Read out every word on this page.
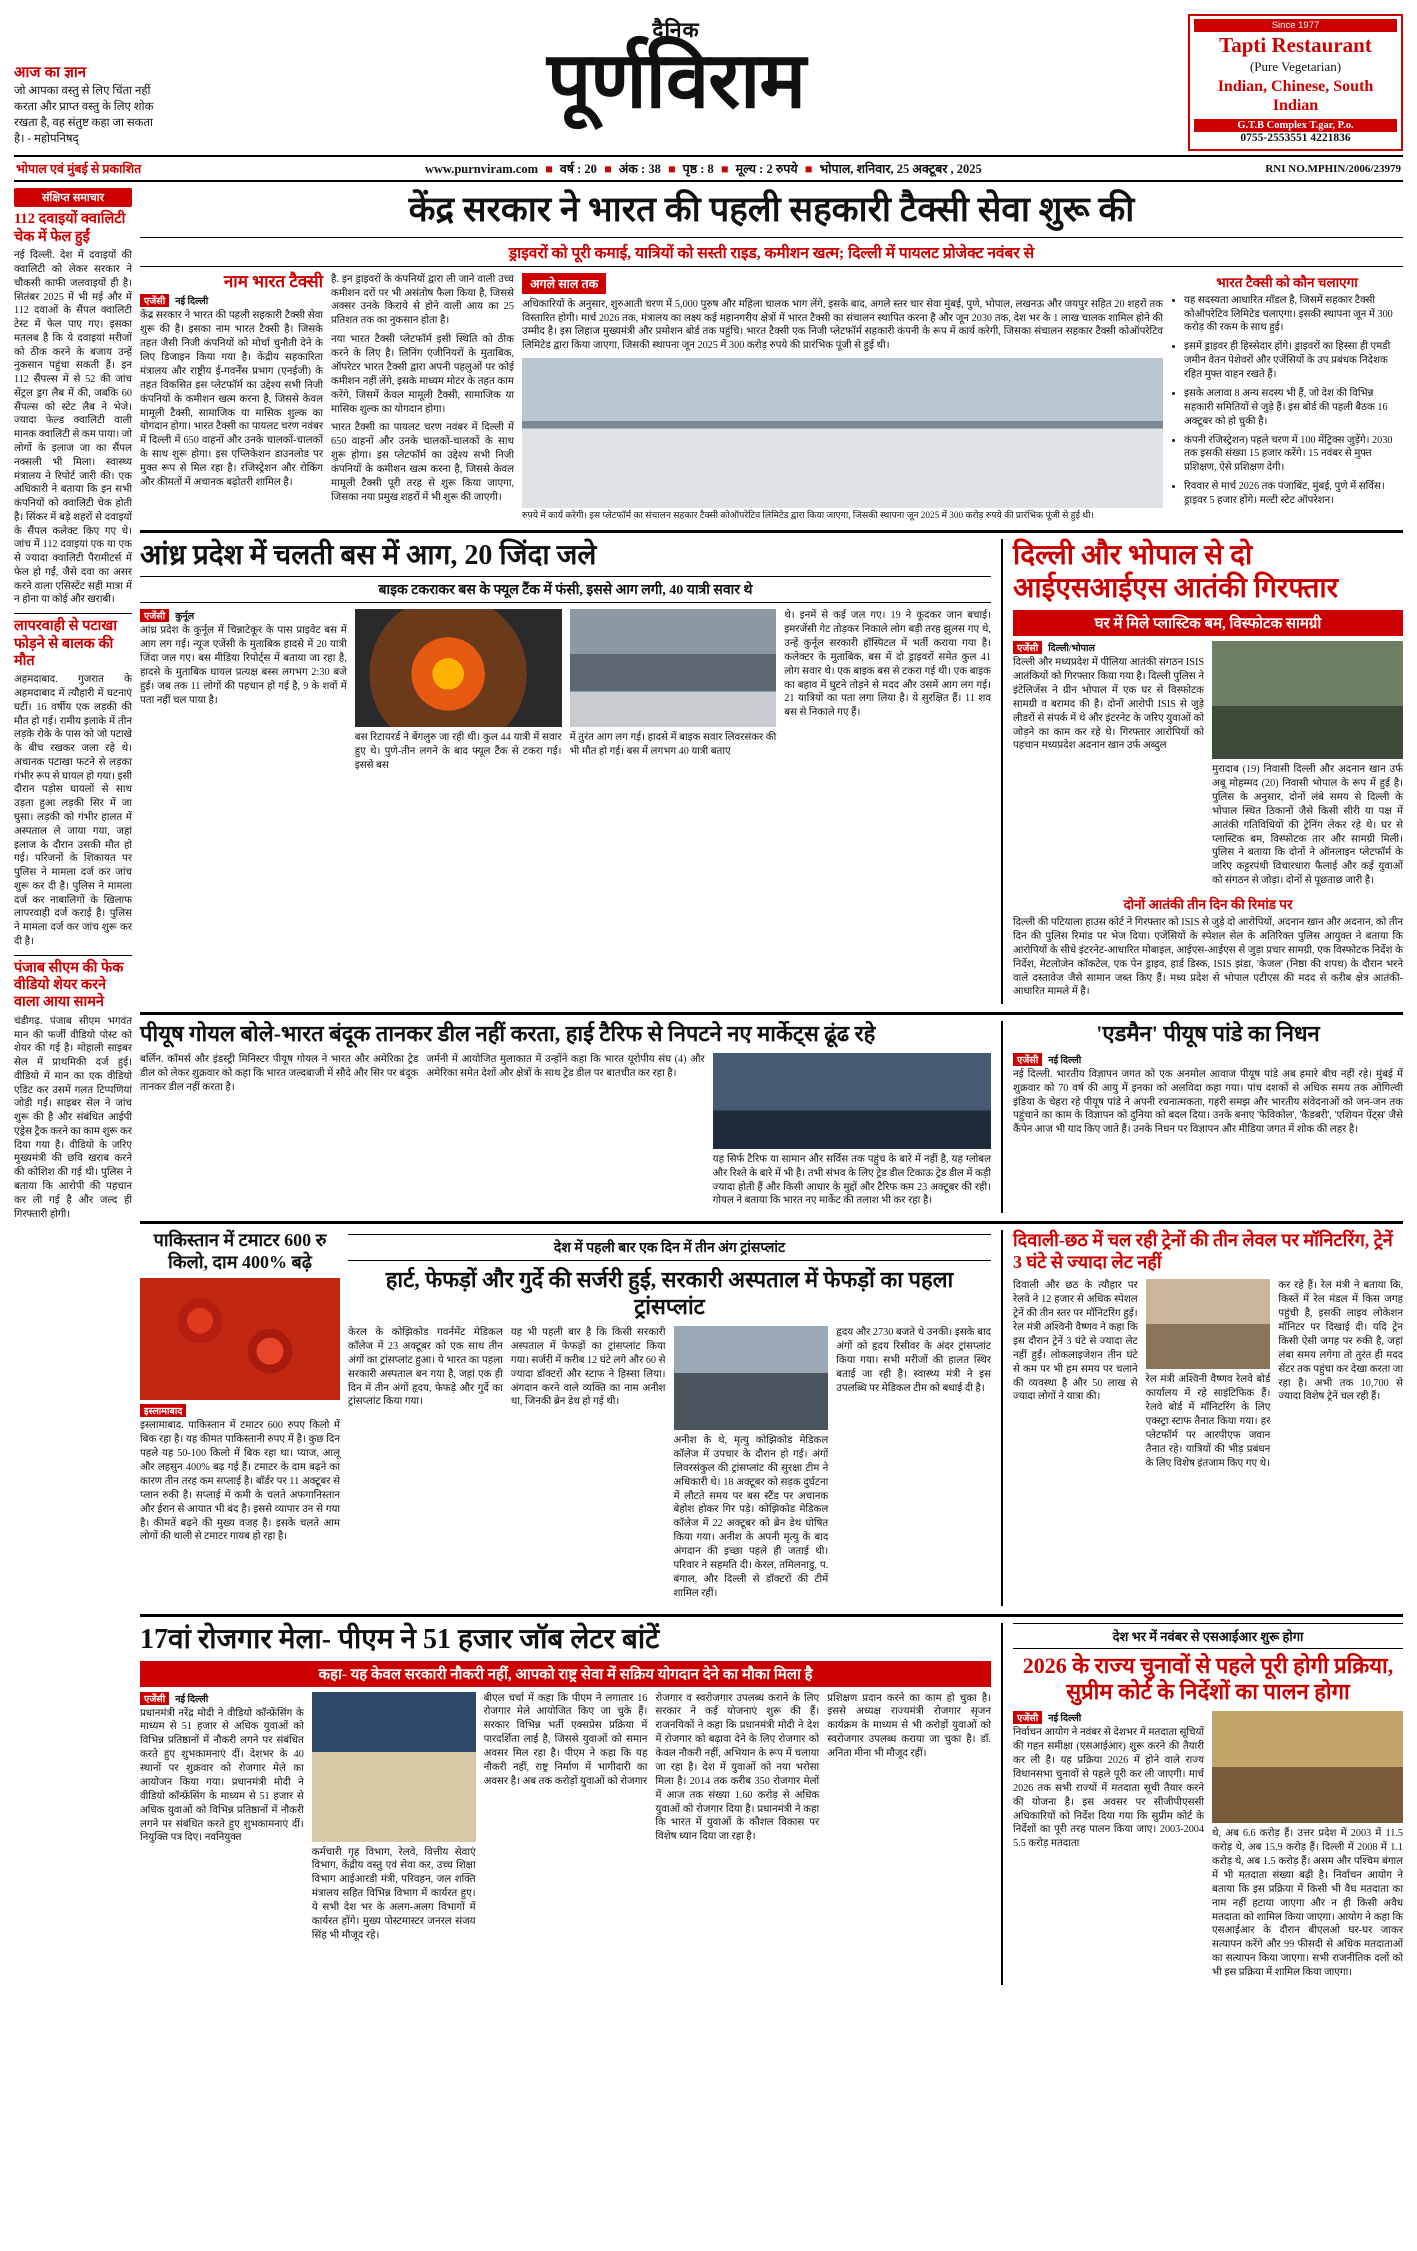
आज का ज्ञान
जो आपका वस्तु से लिए चिंता नहीं करता और प्राप्त वस्तु के लिए शोक रखता है, वह संतुष्ट कहा जा सकता है। - महोपनिषद्
दैनिक
पूर्णविराम
Since 1977
Tapti Restaurant
(Pure Vegetarian)
Indian, Chinese, South Indian
G.T.B Complex T.gar, P.o.
0755-2553551 4221836
भोपाल एवं मुंबई से प्रकाशित	www.purnviram.com ■ वर्ष : 20 ■ अंक : 38 ■ पृष्ठ : 8 ■ मूल्य : 2 रुपये ■ भोपाल, शनिवार, 25 अक्टूबर , 2025	RNI NO.MPHIN/2006/23979
संक्षिप्त समाचार
112 दवाइयों क्वालिटी चेक में फेल हुईं
नई दिल्ली. देश में दवाइयों की क्वालिटी को लेकर सरकार ने चौकसी काफी जलवाइयों ही है। सितंबर 2025 में भी मई और में 112 दवाओं के सैंपल क्वालिटी टेस्ट में फेल पाए गए। इसका मतलब है कि ये दवाइयां मरीजों को ठीक करने के बजाय उन्हें नुकसान पहुंचा सकती हैं। इन 112 सैंपल्स में से 52 की जांच सेंट्रल ड्रग लैब में की, जबकि 60 सैंपल्स को स्टेट लैब ने भेजे। ज्यादा फेल्ड क्वालिटी वाली मानक क्वालिटी से कम पाया। जो लोगों के इलाज जा का सैंपल नक्सली भी मिला। स्वास्थ्य मंत्रालय ने रिपोर्ट जारी की। एक अधिकारी ने बताया कि इन सभी कंपनियों को क्वालिटी चेक होती है। सिंकर में बड़े शहरों से दवाइयों के सैंपल कलेक्ट किए गए थे। जांच में 112 दवाइयां एक या एक से ज्यादा क्वालिटी पैरामीटर्स में फेल हो गईं, जैसे दवा का असर करने वाला एसिस्टेंट सही मात्रा में न होना या कोई और खराबी।
लापरवाही से पटाखा फोड़ने से बालक की मौत
अहमदाबाद. गुजरात के अहमदाबाद में त्यौहारी में घटनाएं घटीं। 16 वर्षीय एक लड़की की मौत हो गई। रामीय इलाके में तीन लड़के रोके के पास को जो पटाखे के बीच रखकर जला रहे थे। अचानक पटाखा फटने से लड़का गंभीर रूप से घायल हो गया। इसी दौरान पड़ोस घायलों से साथ उड़ता हुआ लड़की सिर में जा घुसा। लड़की को गंभीर हालत में अस्पताल ले जाया गया, जहां इलाज के दौरान उसकी मौत हो गई। परिजनों के शिकायत पर पुलिस ने मामला दर्ज कर जांच शुरू कर दी है। पुलिस ने मामला दर्ज कर नाबालिगों के खिलाफ लापरवाही दर्ज कराई है। पुलिस ने मामला दर्ज कर जांच शुरू कर दी है।
पंजाब सीएम की फेक वीडियो शेयर करने वाला आया सामने
चंडीगढ़. पंजाब सीएम भगवंत मान की फर्जी वीडियो पोस्ट को शेयर की गई है। मोहाली साइबर सेल में प्राथमिकी दर्ज हुई। वीडियो में मान का एक वीडियो एडिट कर उसमें गलत टिप्पणियां जोड़ी गईं। साइबर सेल ने जांच शुरू की है और संबंधित आईपी एड्रेस ट्रैक करने का काम शुरू कर दिया गया है। वीडियो के जरिए मुख्यमंत्री की छवि खराब करने की कोशिश की गई थी। पुलिस ने बताया कि आरोपी की पहचान कर ली गई है और जल्द ही गिरफ्तारी होगी।
केंद्र सरकार ने भारत की पहली सहकारी टैक्सी सेवा शुरू की
ड्राइवरों को पूरी कमाई, यात्रियों को सस्ती राइड, कमीशन खत्म; दिल्ली में पायलट प्रोजेक्ट नवंबर से
नाम भारत टैक्सी
एजेंसी	नई दिल्ली

केंद्र सरकार ने भारत की पहली सहकारी टैक्सी सेवा शुरू की है। इसका नाम भारत टैक्सी है। जिसके तहत जैसी निजी कंपनियों को मोर्चा चुनौती देने के लिए डिजाइन किया गया है। केंद्रीय सहकारिता मंत्रालय और राष्ट्रीय ई-गवर्नेंस प्रभाग (एनईजी) के तहत विकसित इस प्लेटफॉर्म का उद्देश्य सभी निजी कंपनियों के कमीशन खत्म करना है, जिससे केवल मामूली टैक्सी, सामाजिक या मासिक शुल्क का योगदान होगा। भारत टैक्सी का पायलट चरण नवंबर में दिल्ली में 650 वाहनों और उनके चालकों-चालकों के साथ शुरू होगा। इस एप्लिकेशन डाउनलोड पर मुक्त रूप से मिल रहा है। रजिस्ट्रेशन और रोकिंग और कीमतों में अचानक बढ़ोतरी शामिल है।

है. इन ड्राइवरों के कंपनियों द्वारा ली जाने वाली उच्च कमीशन दरों पर भी असंतोष फैला किया है, जिससे अक्सर उनके किराये से होने वाली आय का 25 प्रतिशत तक का नुकसान होता है।

नया भारत टैक्सी प्लेटफॉर्म इसी स्थिति को ठीक करने के लिए है। लिनिंग एंजीनियरों के मुताबिक, ऑपरेटर भारत टैक्सी द्वारा अपनी पहलुओं पर कोई कमीशन नहीं लेंगे, इसके माध्यम मोटर के तहत काम करेंगे, जिसमें केवल मामूली टैक्सी, सामाजिक या मासिक शुल्क का योगदान होगा।

भारत टैक्सी का पायलट चरण नवंबर में दिल्ली में 650 वाहनों और उनके चालकों-चालकों के साथ शुरू होगा। इस प्लेटफॉर्म का उद्देश्य सभी निजी कंपनियों के कमीशन खत्म करना है, जिससे केवल मामूली टैक्सी पूरी तरह से शुरू किया जाएगा, जिसका नया प्रमुख शहरों में भी शुरू की जाएगी।

अगले साल तक

अधिकारियों के अनुसार, शुरुआती चरण में 5,000 पुरुष और महिला चालक भाग लेंगे, इसके बाद, अगले स्तर चार सेवा मुंबई, पुणे, भोपाल, लखनऊ और जयपुर सहित 20 शहरों तक विस्तारित होगी। मार्च 2026 तक, मंत्रालय का लक्ष्य कई महानगरीय क्षेत्रों में भारत टैक्सी का संचालन स्थापित करना है और जून 2030 तक, देश भर के 1 लाख चालक शामिल होने की उम्मीद है। इस लिहाज मुख्यमंत्री और प्रमोशन बोर्ड तक पहुंचि। भारत टैक्सी एक निजी प्लेटफॉर्म सहकारी कंपनी के रूप में कार्य करेगी, जिसका संचालन सहकार टैक्सी कोऑपरेटिव लिमिटेड द्वारा किया जाएगा, जिसकी स्थापना जून 2025 में 300 करोड़ रुपये की प्रारंभिक पूंजी से हुई थी।

रुपये में कार्य करेगी। इस प्लेटफॉर्म का संचालन सहकार टैक्सी कोऑपरेटिव लिमिटेड द्वारा किया जाएगा, जिसकी स्थापना जून 2025 में 300 करोड़ रुपये की प्रारंभिक पूंजी से हुई थी।
भारत टैक्सी को कौन चलाएगा
• यह सदस्यता आधारित मॉडल है, जिसमें सहकार टैक्सी कोऑपरेटिव लिमिटेड चलाएगा। इसकी स्थापना जून में 300 करोड़ की रकम के साथ हुई।
• इसमें ड्राइवर ही हिस्सेदार होंगे। ड्राइवरों का हिस्सा ही एमडी जमीन वेतन पेशेवरों और एजेंसियों के उप प्रबंधक निदेशक रहित मुफ्त वाहन रखते हैं।
• इसके अलावा 8 अन्य सदस्य भी हैं, जो देश की विभिन्न सहकारी समितियों से जुड़े हैं। इस बोर्ड की पहली बैठक 16 अक्टूबर को हो चुकी है।
• कंपनी रजिस्ट्रेशन) पहले चरण में 100 मेंट्रिक्स जुड़ेंगे। 2030 तक इसकी संख्या 15 हजार करेंगे। 15 नवंबर से मुफ्त प्रशिक्षण, ऐसे प्रशिक्षण देगी।
• रिववार से मार्च 2026 तक पंजाबिंट, मुंबई, पुणे में सर्विस। ड्राइवर 5 हजार होंगे। मल्टी स्टेट ऑपरेशन।
आंध्र प्रदेश में चलती बस में आग, 20 जिंदा जले
बाइक टकराकर बस के फ्यूल टैंक में फंसी, इससे आग लगी, 40 यात्री सवार थे
एजेंसी	कुर्नूल

आंध्र प्रदेश के कुर्नूल में चिन्नाटेकूर के पास प्राइवेट बस में आग लग गई। न्यूज एजेंसी के मुताबिक हादसे में 20 यात्री जिंदा जल गए। बस मीडिया रिपोर्ट्स में बताया जा रहा है, हादसे के मुताबिक घायल प्रत्यक्ष बस्स लगभग 2:30 बजे हुई। जब तक 11 लोगों की पहचान हो गई है, 9 के शवों में पता नहीं चल पाया है।

बस रिटायरर्ड ने बेंगलुरु जा रही थी। कुल 44 यात्री में सवार हुए थे। पुणे-तीन लगने के बाद फ्यूल टैंक से टकरा गई। इससे बस

में तुरंत आग लग गई। हादसे में बाइक सवार लिवरसंकर की भी मौत हो गई। बस में लगभग 40 यात्री बताए

थे। इनमें से कई जल गए। 19 ने कूदकर जान बचाई। इमरजेंसी गेट तोड़कर निकाले लोग बड़ी तरह झुलस गए थे, उन्हें कुर्नूल सरकारी हॉस्पिटल में भर्ती कराया गया है। कलेक्टर के मुताबिक, बस में दो ड्राइवरों समेत कुल 41 लोग सवार थे। एक बाइक बस से टकरा गई थी। एक बाइक का बहाव में घुटने तोड़ने से मदद और उसमें आग लग गई। 21 यात्रियों का पता लगा लिया है। ये सुरक्षित हैं। 11 शव बस से निकाले गए हैं।

दिल्ली और भोपाल से दो आईएसआईएस आतंकी गिरफ्तार
घर में मिले प्लास्टिक बम, विस्फोटक सामग्री
एजेंसी	दिल्ली/भोपाल

दिल्ली और मध्यप्रदेश में पीलिया आतंकी संगठन ISIS आतंकियों को गिरफ्तार किया गया है। दिल्ली पुलिस ने इंटेलिजेंस ने ग्रीन भोपाल में एक घर से विस्फोटक सामग्री व बरामद की है। दोनों आरोपी ISIS से जुड़े लीडरों से संपर्क में थे और इंटरनेट के जरिए युवाओं को जोड़ने का काम कर रहे थे। गिरफ्तार आरोपियों को पहचान मध्यप्रदेश अदनान खान उर्फ अब्दुल

मुरादाब (19) निवासी दिल्ली और अदनान खान उर्फ अबू मोहम्मद (20) निवासी भोपाल के रूप में हुई है। पुलिस के अनुसार, दोनों लंबे समय से दिल्ली के भोपाल स्थित ठिकानों जैसे किसी सीरी या पक्ष में आतंकी गतिविधियों की ट्रेनिंग लेकर रहे थे। घर से प्लास्टिक बम, विस्फोटक तार और सामग्री मिली। पुलिस ने बताया कि दोनों ने ऑनलाइन प्लेटफॉर्म के जरिए कट्टरपंथी विचारधारा फैलाई और कई युवाओं को संगठन से जोड़ा। दोनों से पूछताछ जारी है।

दोनों आतंकी तीन दिन की रिमांड पर

दिल्ली की पटियाला हाउस कोर्ट ने गिरफ्तार को ISIS से जुड़े दो आरोपियों, अदनान खान और अदनान, को तीन दिन की पुलिस रिमांड पर भेज दिया। एजेंसियों के स्पेशल सेल के अतिरिक्त पुलिस आयुक्त ने बताया कि आरोपियों के सीधे इंटरनेट-आधारित मोबाइल, आईएस-आईएस से जुड़ा प्रचार सामग्री, एक विस्फोटक निर्देश के निर्देश, मेटलोजेन कॉकटेल, एक पेन ड्राइव, हार्ड डिस्क, ISIS झंडा, 'केजल' (निष्ठा की शपथ) के दौरान भरने वाले दस्तावेज जैसे सामान जब्त किए हैं। मध्य प्रदेश से भोपाल एटीएस की मदद से करीब क्षेत्र आतंकी-आधारित मामले में है।

पीयूष गोयल बोले-भारत बंदूक तानकर डील नहीं करता, हाई टैरिफ से निपटने नए मार्केट्स ढूंढ रहे

बर्लिन. कॉमर्स और इंडस्ट्री मिनिस्टर पीयूष गोयल ने भारत और अमेरिका ट्रेड डील को लेकर शुक्रवार को कहा कि भारत जल्दबाजी में सौदे और सिर पर बंदूक तानकर डील नहीं करता है।

जर्मनी में आयोजित मुलाकात में उन्होंने कहा कि भारत यूरोपीय संघ (4) और अमेरिका समेत देशों और क्षेत्रों के साथ ट्रेड डील पर बातचीत कर रहा है।

यह सिर्फ टैरिफ या सामान और सर्विस तक पहुंच के बारे में नहीं है, यह ग्लोबल और रिश्ते के बारे में भी है। तभी संभव के लिए ट्रेड डील टिकाऊ ट्रेड डील में कड़ी ज्यादा होती हैं और किसी आधार के मुद्दों और टैरिफ कम 23 अक्टूबर की रही। गोयल ने बताया कि भारत नए मार्केट की तलाश भी कर रहा है।

'एडमैन' पीयूष पांडे का निधन
एजेंसी	नई दिल्ली

नई दिल्ली. भारतीय विज्ञापन जगत को एक अनमोल आवाज पीयूष पांडे अब हमारे बीच नहीं रहे। मुंबई में शुक्रवार को 70 वर्ष की आयु में इनका को अलविदा कहा गया। पांच दशकों से अधिक समय तक ओगिल्वी इंडिया के चेहरा रहे पीयूष पांडे ने अपनी रचनात्मकता, गहरी समझ और भारतीय संवेदनाओं को जन-जन तक पहुंचाने का काम के विज्ञापन को दुनिया को बदल दिया। उनके बनाए 'फेविकोल', 'कैडबरी', 'एशियन पेंट्स' जैसे कैंपेन आज भी याद किए जाते हैं। उनके निधन पर विज्ञापन और मीडिया जगत में शोक की लहर है।

पाकिस्तान में टमाटर 600 रु किलो, दाम 400% बढ़े
इस्लामाबाद

इस्लामाबाद. पाकिस्तान में टमाटर 600 रुपए किलो में बिक रहा है। यह कीमत पाकिस्तानी रुपए में है। कुछ दिन पहले यह 50-100 किलो में बिक रहा था। प्याज, आलू और लहसुन 400% बढ़ गई हैं। टमाटर के दाम बढ़ने का कारण तीन तरह कम सप्लाई है। बॉर्डर पर 11 अक्टूबर से प्लान रुकी है। सप्लाई में कमी के चलते अफगानिस्तान और ईरान से आयात भी बंद है। इससे व्यापार उन से गया है। कीमतें बढ़ने की मुख्य वजह है। इसके चलते आम लोगों की थाली से टमाटर गायब हो रहा है।

देश में पहली बार एक दिन में तीन अंग ट्रांसप्लांट
हार्ट, फेफड़ों और गुर्दे की सर्जरी हुई, सरकारी अस्पताल में फेफड़ों का पहला ट्रांसप्लांट

केरल के कोझिकोड गवर्नमेंट मेडिकल कॉलेज में 23 अक्टूबर को एक साथ तीन अंगों का ट्रांसप्लांट हुआ। ये भारत का पहला सरकारी अस्पताल बन गया है, जहां एक ही दिन में तीन अंगों हृदय, फेफड़े और गुर्दे का ट्रांसप्लांट किया गया।

यह भी पहली बार है कि किसी सरकारी अस्पताल में फेफड़ों का ट्रांसप्लांट किया गया। सर्जरी में करीब 12 घंटे लगे और 60 से ज्यादा डॉक्टरों और स्टाफ ने हिस्सा लिया। अंगदान करने वाले व्यक्ति का नाम अनीश था, जिनकी ब्रेन डेथ हो गई थी।

अनीश के थे, मृत्यु कोझिकोड मेडिकल कॉलेज में उपचार के दौरान हो गई। अंगों लिवरसंकुल की ट्रांसप्लांट की सुरक्षा टीम ने अधिकारी थे। 18 अक्टूबर को सड़क दुर्घटना में लौटते समय पर बस स्टैंड पर अचानक बेहोश होकर गिर पड़े। कोझिकोड मेडिकल कॉलेज में 22 अक्टूबर को ब्रेन डेथ घोषित किया गया। अनीश के अपनी मृत्यु के बाद अंगदान की इच्छा पहले ही जताई थी। परिवार ने सहमति दी। केरल, तमिलनाडु, प. बंगाल, और दिल्ली से डॉक्टरों की टीमें शामिल रहीं।

हृदय और 2730 बजते थे उनकी। इसके बाद अंगों को हृदय रिसीवर के अंदर ट्रांसप्लांट किया गया। सभी मरीजों की हालत स्थिर बताई जा रही है। स्वास्थ्य मंत्री ने इस उपलब्धि पर मेडिकल टीम को बधाई दी है।

दिवाली-छठ में चल रही ट्रेनों की तीन लेवल पर मॉनिटरिंग, ट्रेनें 3 घंटे से ज्यादा लेट नहीं

दिवाली और छठ के त्यौहार पर रेलवे ने 12 हजार से अधिक स्पेशल ट्रेनें की तीन स्तर पर मॉनिटरिंग हुई। रेल मंत्री अश्विनी वैष्णव ने कहा कि इस दौरान ट्रेनें 3 घंटे से ज्यादा लेट नहीं हुईं। लोकलाइजेशन तीन घंटे से कम पर भी हम समय पर चलाने की व्यवस्था है और 50 लाख से ज्यादा लोगों ने यात्रा की।

रेल मंत्री अश्विनी वैष्णव रेलवे बोर्ड कार्यालय में रहे साइंटिफिक हैं। रेलवे बोर्ड में मॉनिटरिंग के लिए एक्स्ट्रा स्टाफ तैनात किया गया। हर प्लेटफॉर्म पर आरपीएफ जवान तैनात रहे। यात्रियों की भीड़ प्रबंधन के लिए विशेष इंतजाम किए गए थे।

कर रहे हैं। रेल मंत्री ने बताया कि, किस्तें में रेल मंडल में किस जगह पहुंची है, इसकी लाइव लोकेशन मॉनिटर पर दिखाई दी। यदि ट्रेन किसी ऐसी जगह पर रुकी है, जहां लंबा समय लगेगा तो तुरंत ही मदद सेंटर तक पहुंचा कर देखा करता जा रहा है। अभी तक 10,700 से ज्यादा विशेष ट्रेनें चल रही हैं।

17वां रोजगार मेला- पीएम ने 51 हजार जॉब लेटर बांटें
कहा- यह केवल सरकारी नौकरी नहीं, आपको राष्ट्र सेवा में सक्रिय योगदान देने का मौका मिला है
एजेंसी	नई दिल्ली

प्रधानमंत्री नरेंद्र मोदी ने वीडियो कॉन्फ्रेंसिंग के माध्यम से 51 हजार से अधिक युवाओं को विभिन्न प्रतिष्ठानों में नौकरी लगने पर संबंधित करते हुए शुभकामनाएं दीं। देशभर के 40 स्थानों पर शुक्रवार को रोजगार मेले का आयोजन किया गया। प्रधानमंत्री मोदी ने वीडियो कॉन्फ्रेंसिंग के माध्यम से 51 हजार से अधिक युवाओं को विभिन्न प्रतिष्ठानों में नौकरी लगने पर संबंधित करते हुए शुभकामनाएं दीं। नियुक्ति पत्र दिए। नवनियुक्त

कर्मचारी गृह विभाग, रेलवे, वित्तीय सेवाएं विभाग, केंद्रीय वस्तु एवं सेवा कर, उच्च शिक्षा विभाग आईआरडी मंत्री, परिवहन, जल शक्ति मंत्रालय सहित विभिन्न विभाग में कार्यरत हुए। ये सभी देश भर के अलग-अलग विभागों में कार्यरत होंगे। मुख्य पोस्टमास्टर जनरल संजय सिंह भी मौजूद रहे।

बीएल चर्चा में कहा कि पीएम ने लगातार 16 रोजगार मेले आयोजित किए जा चुके हैं। सरकार विभिन्न भर्ती एक्सप्रेस प्रक्रिया में पारदर्शिता लाई है, जिससे युवाओं को समान अवसर मिल रहा है। पीएम ने कहा कि यह नौकरी नहीं, राष्ट्र निर्माण में भागीदारी का अवसर है। अब तक करोड़ों युवाओं को रोजगार

रोजगार व स्वरोजगार उपलब्ध कराने के लिए सरकार ने कई योजनाएं शुरू की हैं। राजनयिकों ने कहा कि प्रधानमंत्री मोदी ने देश में रोजगार को बढ़ावा देने के लिए रोजगार को केवल नौकरी नहीं, अभियान के रूप में चलाया जा रहा है। देश में युवाओं को नया भरोसा मिला है। 2014 तक करीब 350 रोजगार मेलों में आज तक संख्या 1.60 करोड़ से अधिक युवाओं को रोजगार दिया है। प्रधानमंत्री ने कहा कि भारत में युवाओं के कौशल विकास पर विशेष ध्यान दिया जा रहा है।

प्रशिक्षण प्रदान करने का काम हो चुका है। इससे अध्यक्ष राज्यमंत्री रोजगार सृजन कार्यक्रम के माध्यम से भी करोड़ों युवाओं को स्वरोजगार उपलब्ध कराया जा चुका है। डॉ. अनिता मीना भी मौजूद रहीं।

देश भर में नवंबर से एसआईआर शुरू होगा
2026 के राज्य चुनावों से पहले पूरी होगी प्रक्रिया, सुप्रीम कोर्ट के निर्देशों का पालन होगा
एजेंसी	नई दिल्ली

निर्वाचन आयोग ने नवंबर से देशभर में मतदाता सूचियों की गहन समीक्षा (एसआईआर) शुरू करने की तैयारी कर ली है। यह प्रक्रिया 2026 में होने वाले राज्य विधानसभा चुनावों से पहले पूरी कर ली जाएगी। मार्च 2026 तक सभी राज्यों में मतदाता सूची तैयार करने की योजना है। इस अवसर पर सीजीपीएससी अधिकारियों को निर्देश दिया गया कि सुप्रीम कोर्ट के निर्देशों का पूरी तरह पालन किया जाए। 2003-2004 5.5 करोड़ मतदाता

थे, अब 6.6 करोड़ हैं। उत्तर प्रदेश में 2003 में 11.5 करोड़ थे, अब 15.9 करोड़ हैं। दिल्ली में 2008 में 1.1 करोड़ थे, अब 1.5 करोड़ हैं। असम और पश्चिम बंगाल में भी मतदाता संख्या बढ़ी है। निर्वाचन आयोग ने बताया कि इस प्रक्रिया में किसी भी वैध मतदाता का नाम नहीं हटाया जाएगा और न ही किसी अवैध मतदाता को शामिल किया जाएगा। आयोग ने कहा कि एसआईआर के दौरान बीएलओ घर-घर जाकर सत्यापन करेंगे और 99 फीसदी से अधिक मतदाताओं का सत्यापन किया जाएगा। सभी राजनीतिक दलों को भी इस प्रक्रिया में शामिल किया जाएगा।
